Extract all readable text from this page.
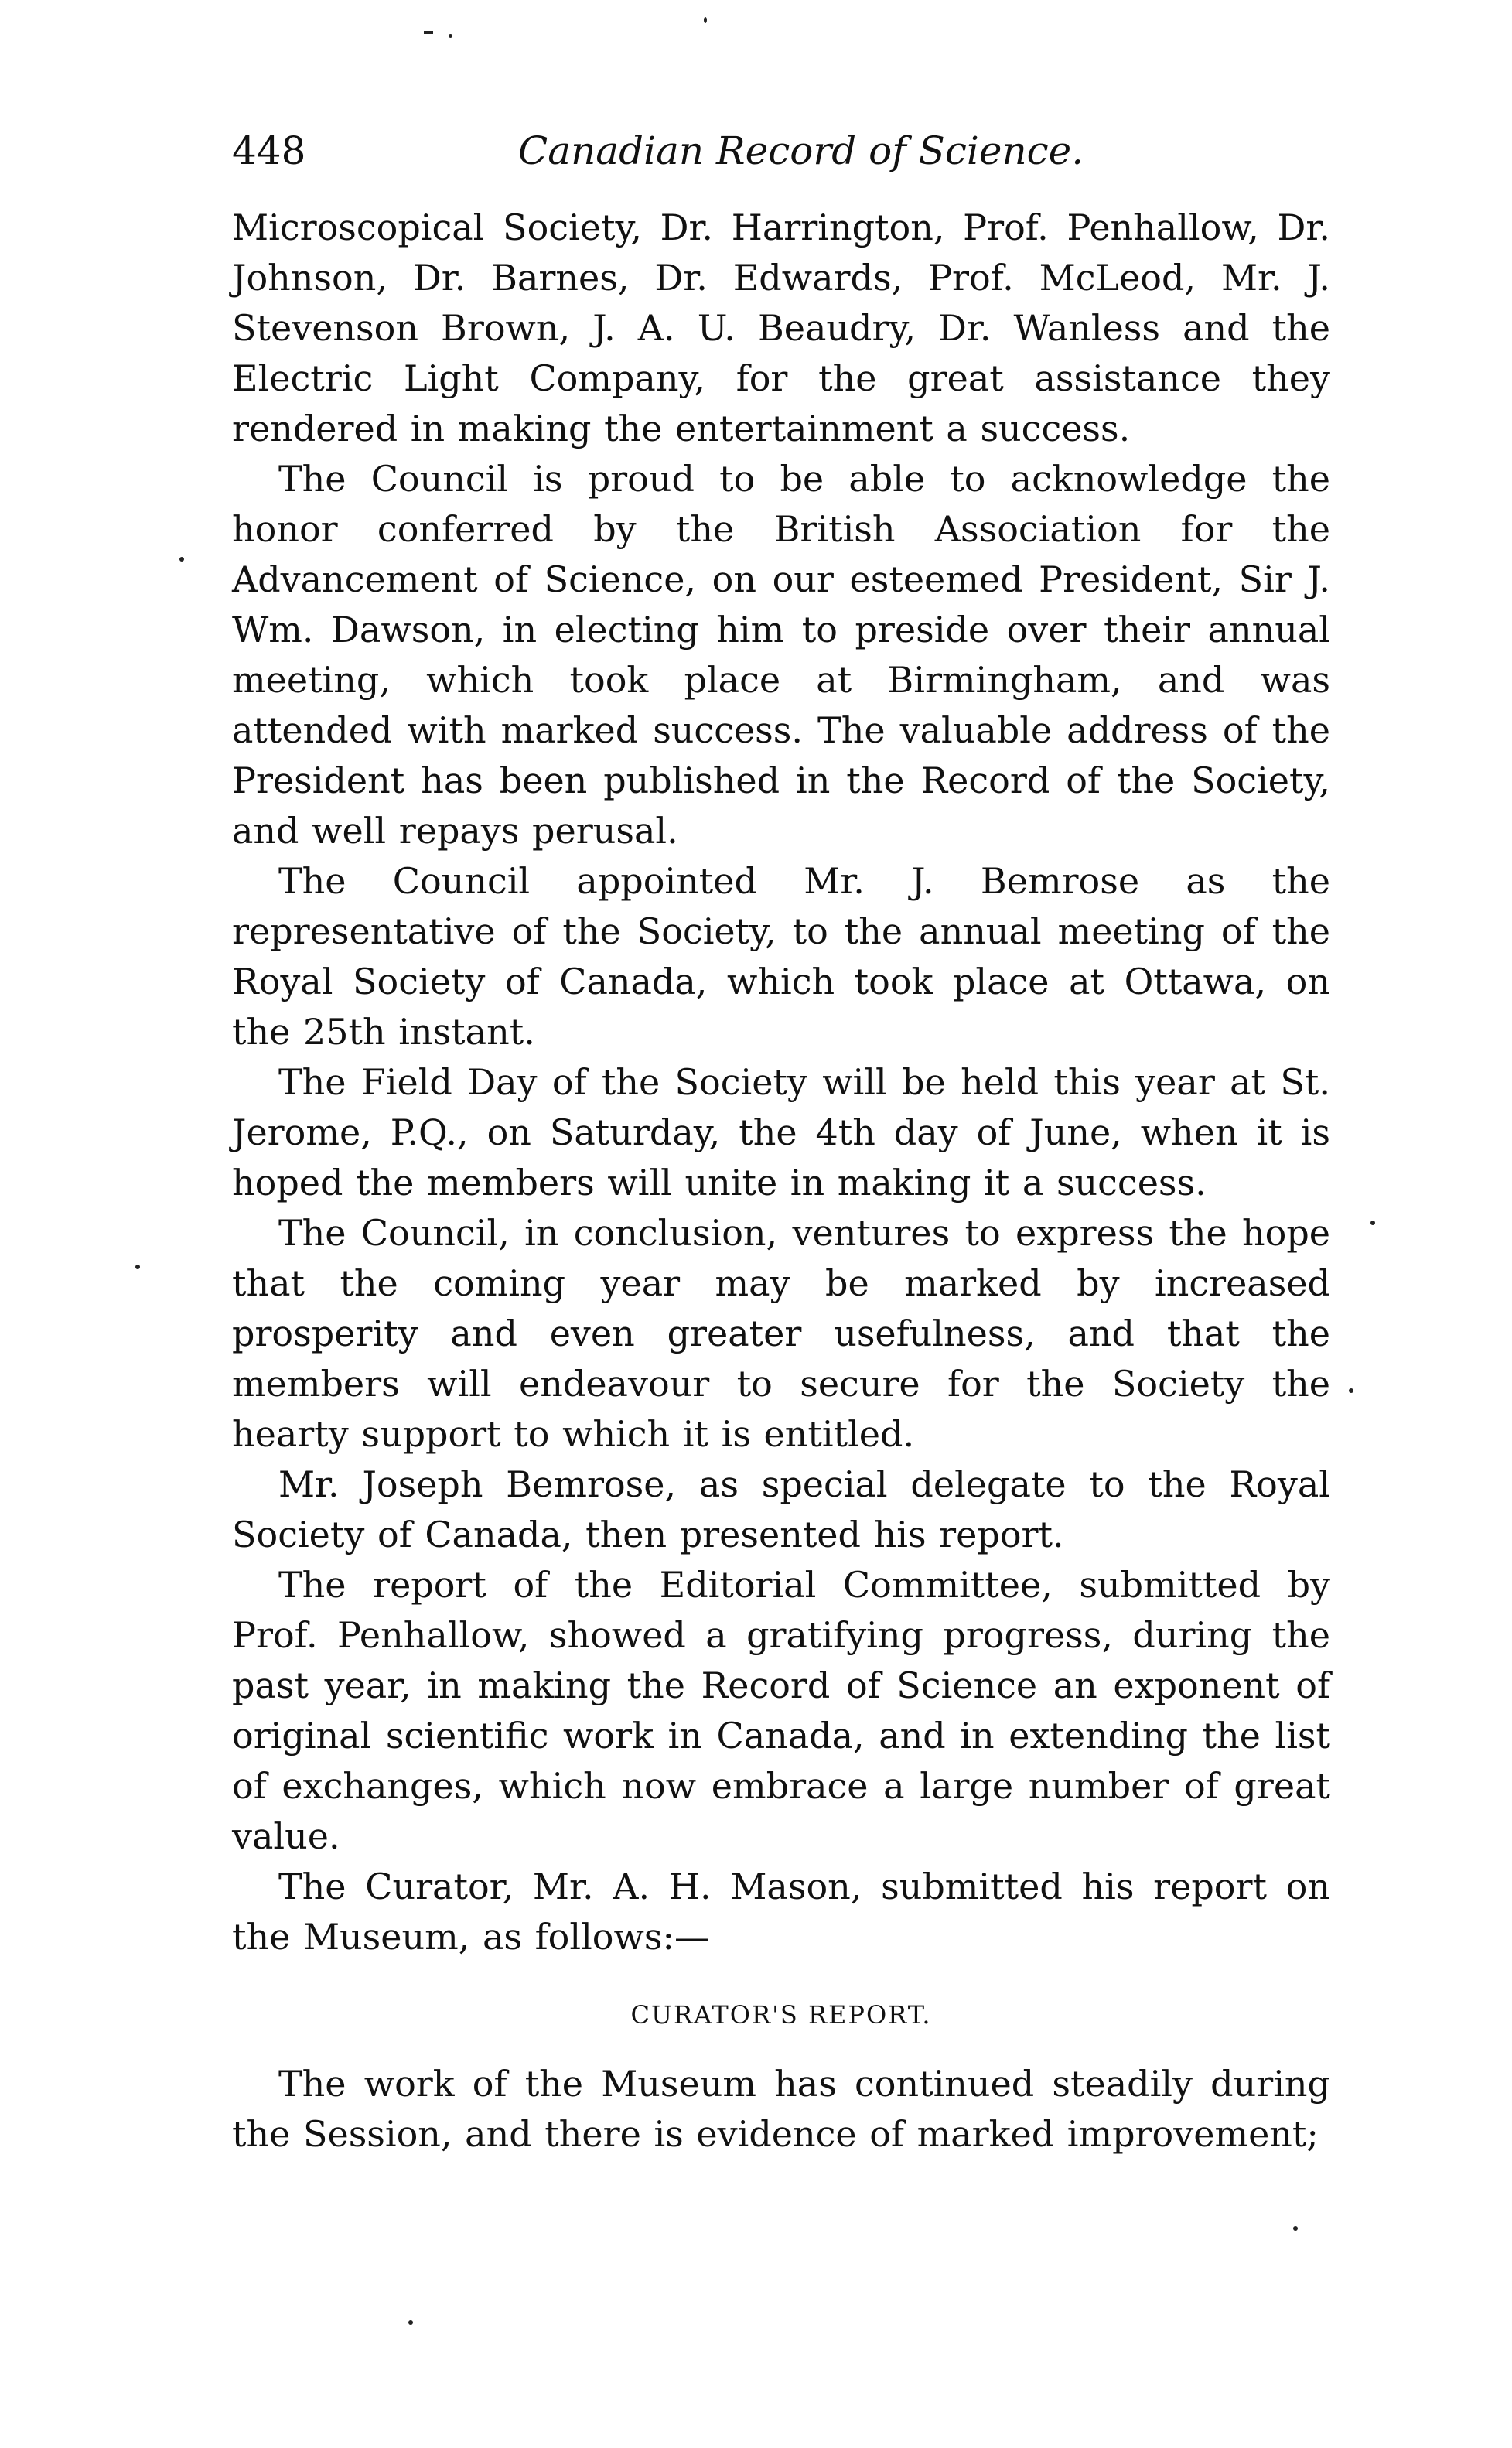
448	Canadian Record of Science.

Microscopical Society, Dr. Harrington, Prof. Penhallow, Dr. Johnson, Dr. Barnes, Dr. Edwards, Prof. McLeod, Mr. J. Stevenson Brown, J. A. U. Beaudry, Dr. Wanless and the Electric Light Company, for the great assistance they rendered in making the entertainment a success.

The Council is proud to be able to acknowledge the honor conferred by the British Association for the Advancement of Science, on our esteemed President, Sir J. Wm. Dawson, in electing him to preside over their annual meeting, which took place at Birmingham, and was attended with marked success. The valuable address of the President has been published in the Record of the Society, and well repays perusal.

The Council appointed Mr. J. Bemrose as the representative of the Society, to the annual meeting of the Royal Society of Canada, which took place at Ottawa, on the 25th instant.

The Field Day of the Society will be held this year at St. Jerome, P.Q., on Saturday, the 4th day of June, when it is hoped the members will unite in making it a success.

The Council, in conclusion, ventures to express the hope that the coming year may be marked by increased prosperity and even greater usefulness, and that the members will endeavour to secure for the Society the hearty support to which it is entitled.

Mr. Joseph Bemrose, as special delegate to the Royal Society of Canada, then presented his report.

The report of the Editorial Committee, submitted by Prof. Penhallow, showed a gratifying progress, during the past year, in making the Record of Science an exponent of original scientific work in Canada, and in extending the list of exchanges, which now embrace a large number of great value.

The Curator, Mr. A. H. Mason, submitted his report on the Museum, as follows:—

CURATOR'S REPORT.

The work of the Museum has continued steadily during the Session, and there is evidence of marked improvement;
